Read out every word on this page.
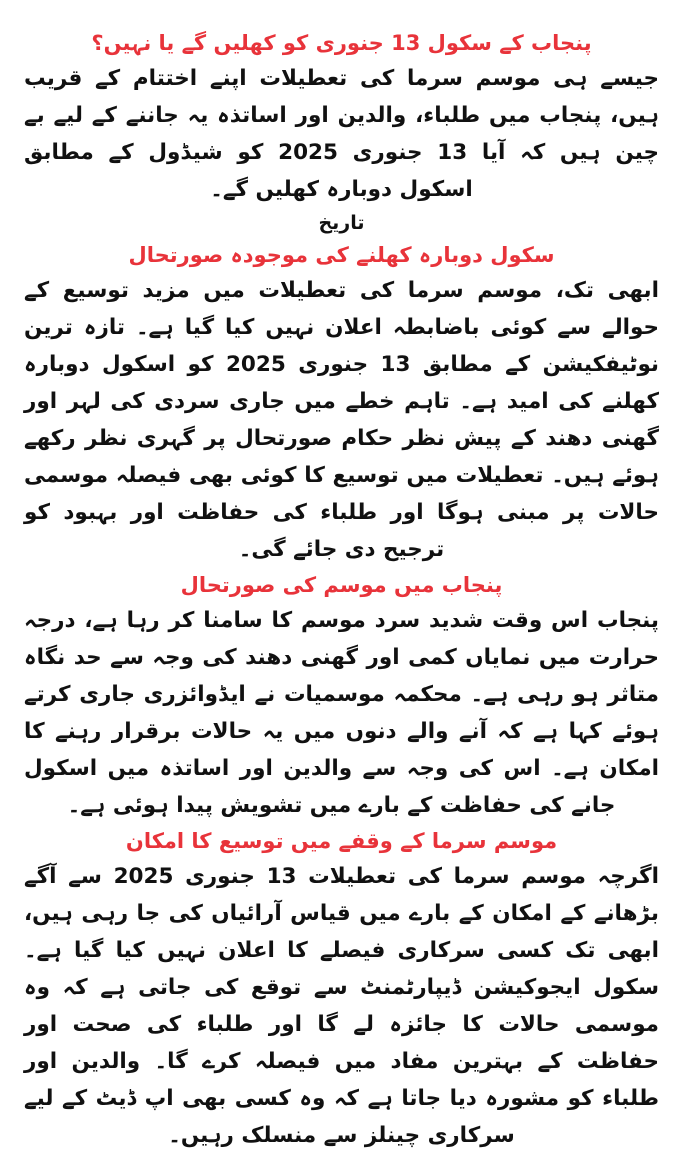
پنجاب کے سکول 13 جنوری کو کھلیں گے یا نہیں؟

جیسے ہی موسم سرما کی تعطیلات اپنے اختتام کے قریب ہیں، پنجاب میں طلباء، والدین اور اساتذہ یہ جاننے کے لیے بے چین ہیں کہ آیا 13 جنوری 2025 کو شیڈول کے مطابق اسکول دوبارہ کھلیں گے۔

تاریخ

سکول دوبارہ کھلنے کی موجودہ صورتحال

ابھی تک، موسم سرما کی تعطیلات میں مزید توسیع کے حوالے سے کوئی باضابطہ اعلان نہیں کیا گیا ہے۔ تازہ ترین نوٹیفکیشن کے مطابق 13 جنوری 2025 کو اسکول دوبارہ کھلنے کی امید ہے۔ تاہم خطے میں جاری سردی کی لہر اور گھنی دھند کے پیش نظر حکام صورتحال پر گہری نظر رکھے ہوئے ہیں۔ تعطیلات میں توسیع کا کوئی بھی فیصلہ موسمی حالات پر مبنی ہوگا اور طلباء کی حفاظت اور بہبود کو ترجیح دی جائے گی۔

پنجاب میں موسم کی صورتحال

پنجاب اس وقت شدید سرد موسم کا سامنا کر رہا ہے، درجہ حرارت میں نمایاں کمی اور گھنی دھند کی وجہ سے حد نگاہ متاثر ہو رہی ہے۔ محکمہ موسمیات نے ایڈوائزری جاری کرتے ہوئے کہا ہے کہ آنے والے دنوں میں یہ حالات برقرار رہنے کا امکان ہے۔ اس کی وجہ سے والدین اور اساتذہ میں اسکول جانے کی حفاظت کے بارے میں تشویش پیدا ہوئی ہے۔

موسم سرما کے وقفے میں توسیع کا امکان

اگرچہ موسم سرما کی تعطیلات 13 جنوری 2025 سے آگے بڑھانے کے امکان کے بارے میں قیاس آرائیاں کی جا رہی ہیں، ابھی تک کسی سرکاری فیصلے کا اعلان نہیں کیا گیا ہے۔ سکول ایجوکیشن ڈیپارٹمنٹ سے توقع کی جاتی ہے کہ وہ موسمی حالات کا جائزہ لے گا اور طلباء کی صحت اور حفاظت کے بہترین مفاد میں فیصلہ کرے گا۔ والدین اور طلباء کو مشورہ دیا جاتا ہے کہ وہ کسی بھی اپ ڈیٹ کے لیے سرکاری چینلز سے منسلک رہیں۔
